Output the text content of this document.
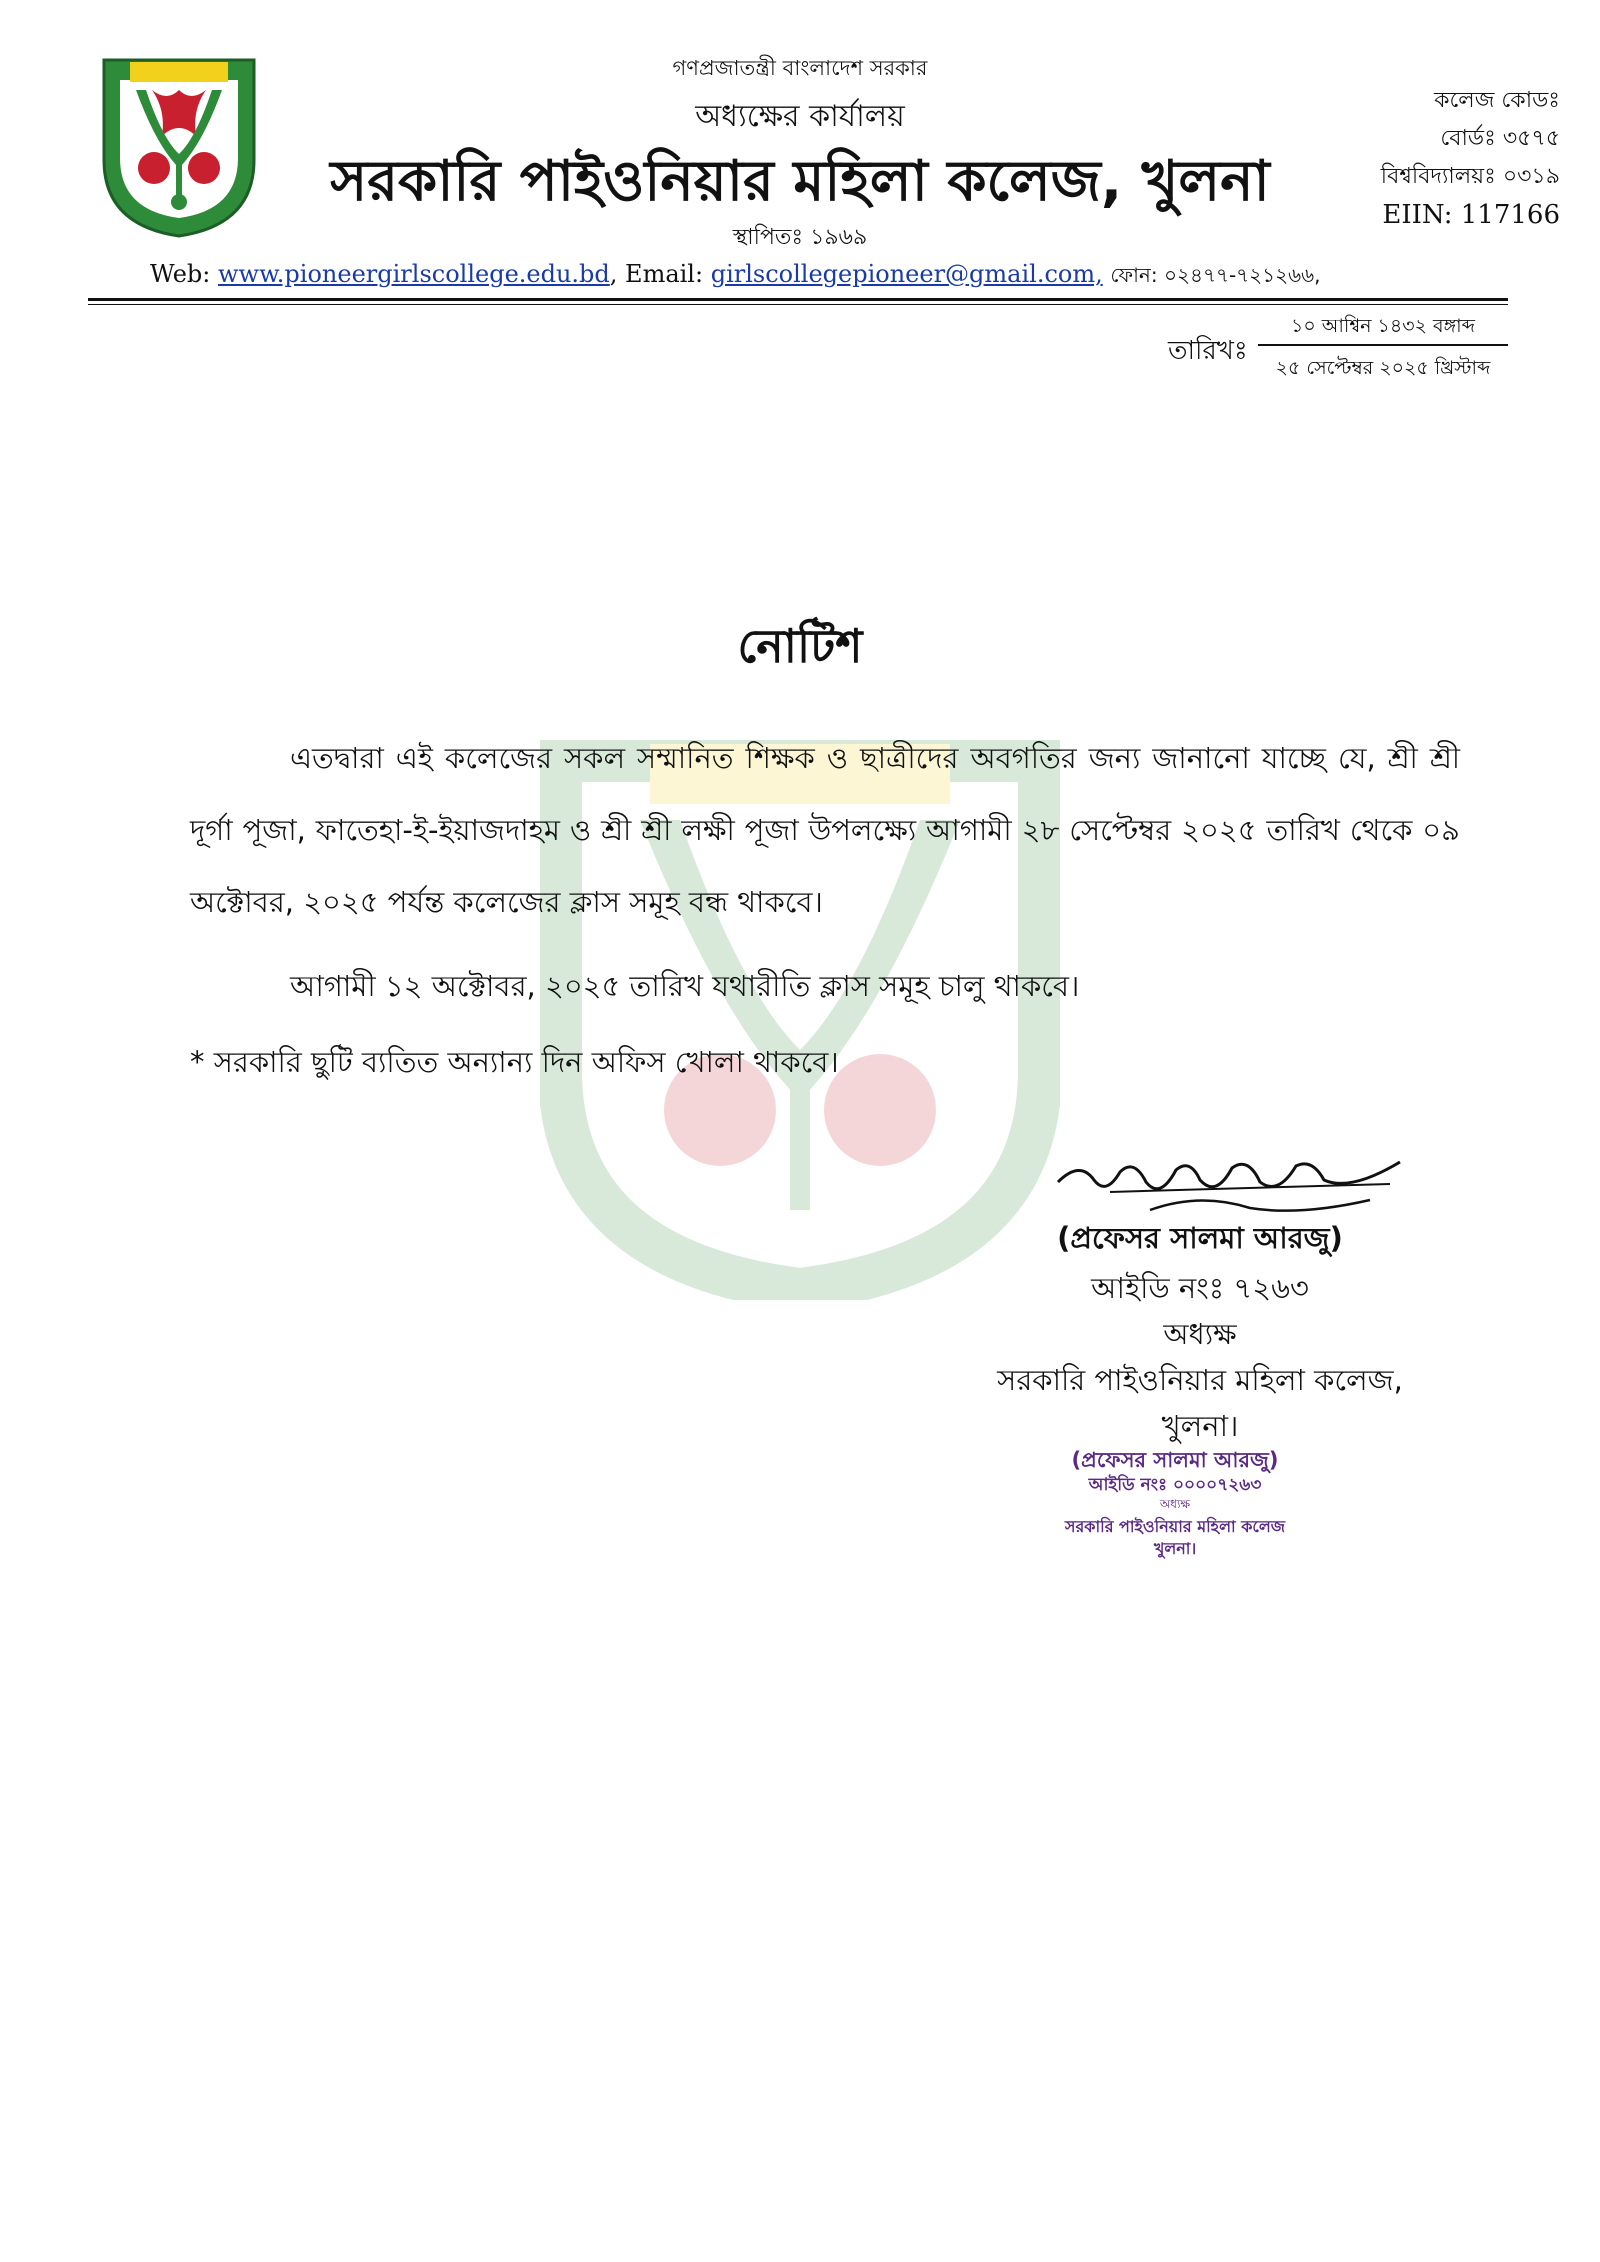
গণপ্রজাতন্ত্রী বাংলাদেশ সরকার
অধ্যক্ষের কার্যালয়
সরকারি পাইওনিয়ার মহিলা কলেজ, খুলনা
স্থাপিতঃ ১৯৬৯
কলেজ কোডঃ
বোর্ডঃ ৩৫৭৫
বিশ্ববিদ্যালয়ঃ ০৩১৯
EIIN: 117166
Web: www.pioneergirlscollege.edu.bd, Email: girlscollegepioneer@gmail.com, ফোন: ০২৪৭৭-৭২১২৬৬,
তারিখঃ
১০ আশ্বিন ১৪৩২ বঙ্গাব্দ
২৫ সেপ্টেম্বর ২০২৫ খ্রিস্টাব্দ
নোটিশ
এতদ্বারা এই কলেজের সকল সম্মানিত শিক্ষক ও ছাত্রীদের অবগতির জন্য জানানো যাচ্ছে যে, শ্রী শ্রী দূর্গা পূজা, ফাতেহা-ই-ইয়াজদাহম ও শ্রী শ্রী লক্ষী পূজা উপলক্ষ্যে আগামী ২৮ সেপ্টেম্বর ২০২৫ তারিখ থেকে ০৯ অক্টোবর, ২০২৫ পর্যন্ত কলেজের ক্লাস সমূহ বন্ধ থাকবে।
আগামী ১২ অক্টোবর, ২০২৫ তারিখ যথারীতি ক্লাস সমূহ চালু থাকবে।
* সরকারি ছুটি ব্যতিত অন্যান্য দিন অফিস খোলা থাকবে।
(প্রফেসর সালমা আরজু)
আইডি নংঃ ৭২৬৩
অধ্যক্ষ
সরকারি পাইওনিয়ার মহিলা কলেজ,
খুলনা।
(প্রফেসর সালমা আরজু)
আইডি নংঃ ০০০০৭২৬৩
অধ্যক্ষ
সরকারি পাইওনিয়ার মহিলা কলেজ
খুলনা।
